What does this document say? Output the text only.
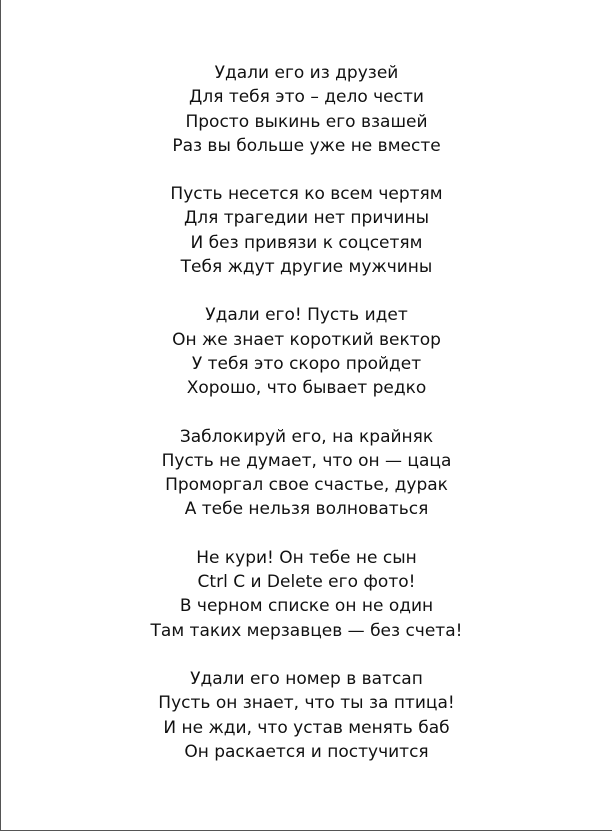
Удали его из друзей
Для тебя это – дело чести
Просто выкинь его взашей
Раз вы больше уже не вместе
Пусть несется ко всем чертям
Для трагедии нет причины
И без привязи к соцсетям
Тебя ждут другие мужчины
Удали его! Пусть идет
Он же знает короткий вектор
У тебя это скоро пройдет
Хорошо, что бывает редко
Заблокируй его, на крайняк
Пусть не думает, что он — цаца
Проморгал свое счастье, дурак
А тебе нельзя волноваться
Не кури! Он тебе не сын
Ctrl C и Delete его фото!
В черном списке он не один
Там таких мерзавцев — без счета!
Удали его номер в ватсап
Пусть он знает, что ты за птица!
И не жди, что устав менять баб
Он раскается и постучится
